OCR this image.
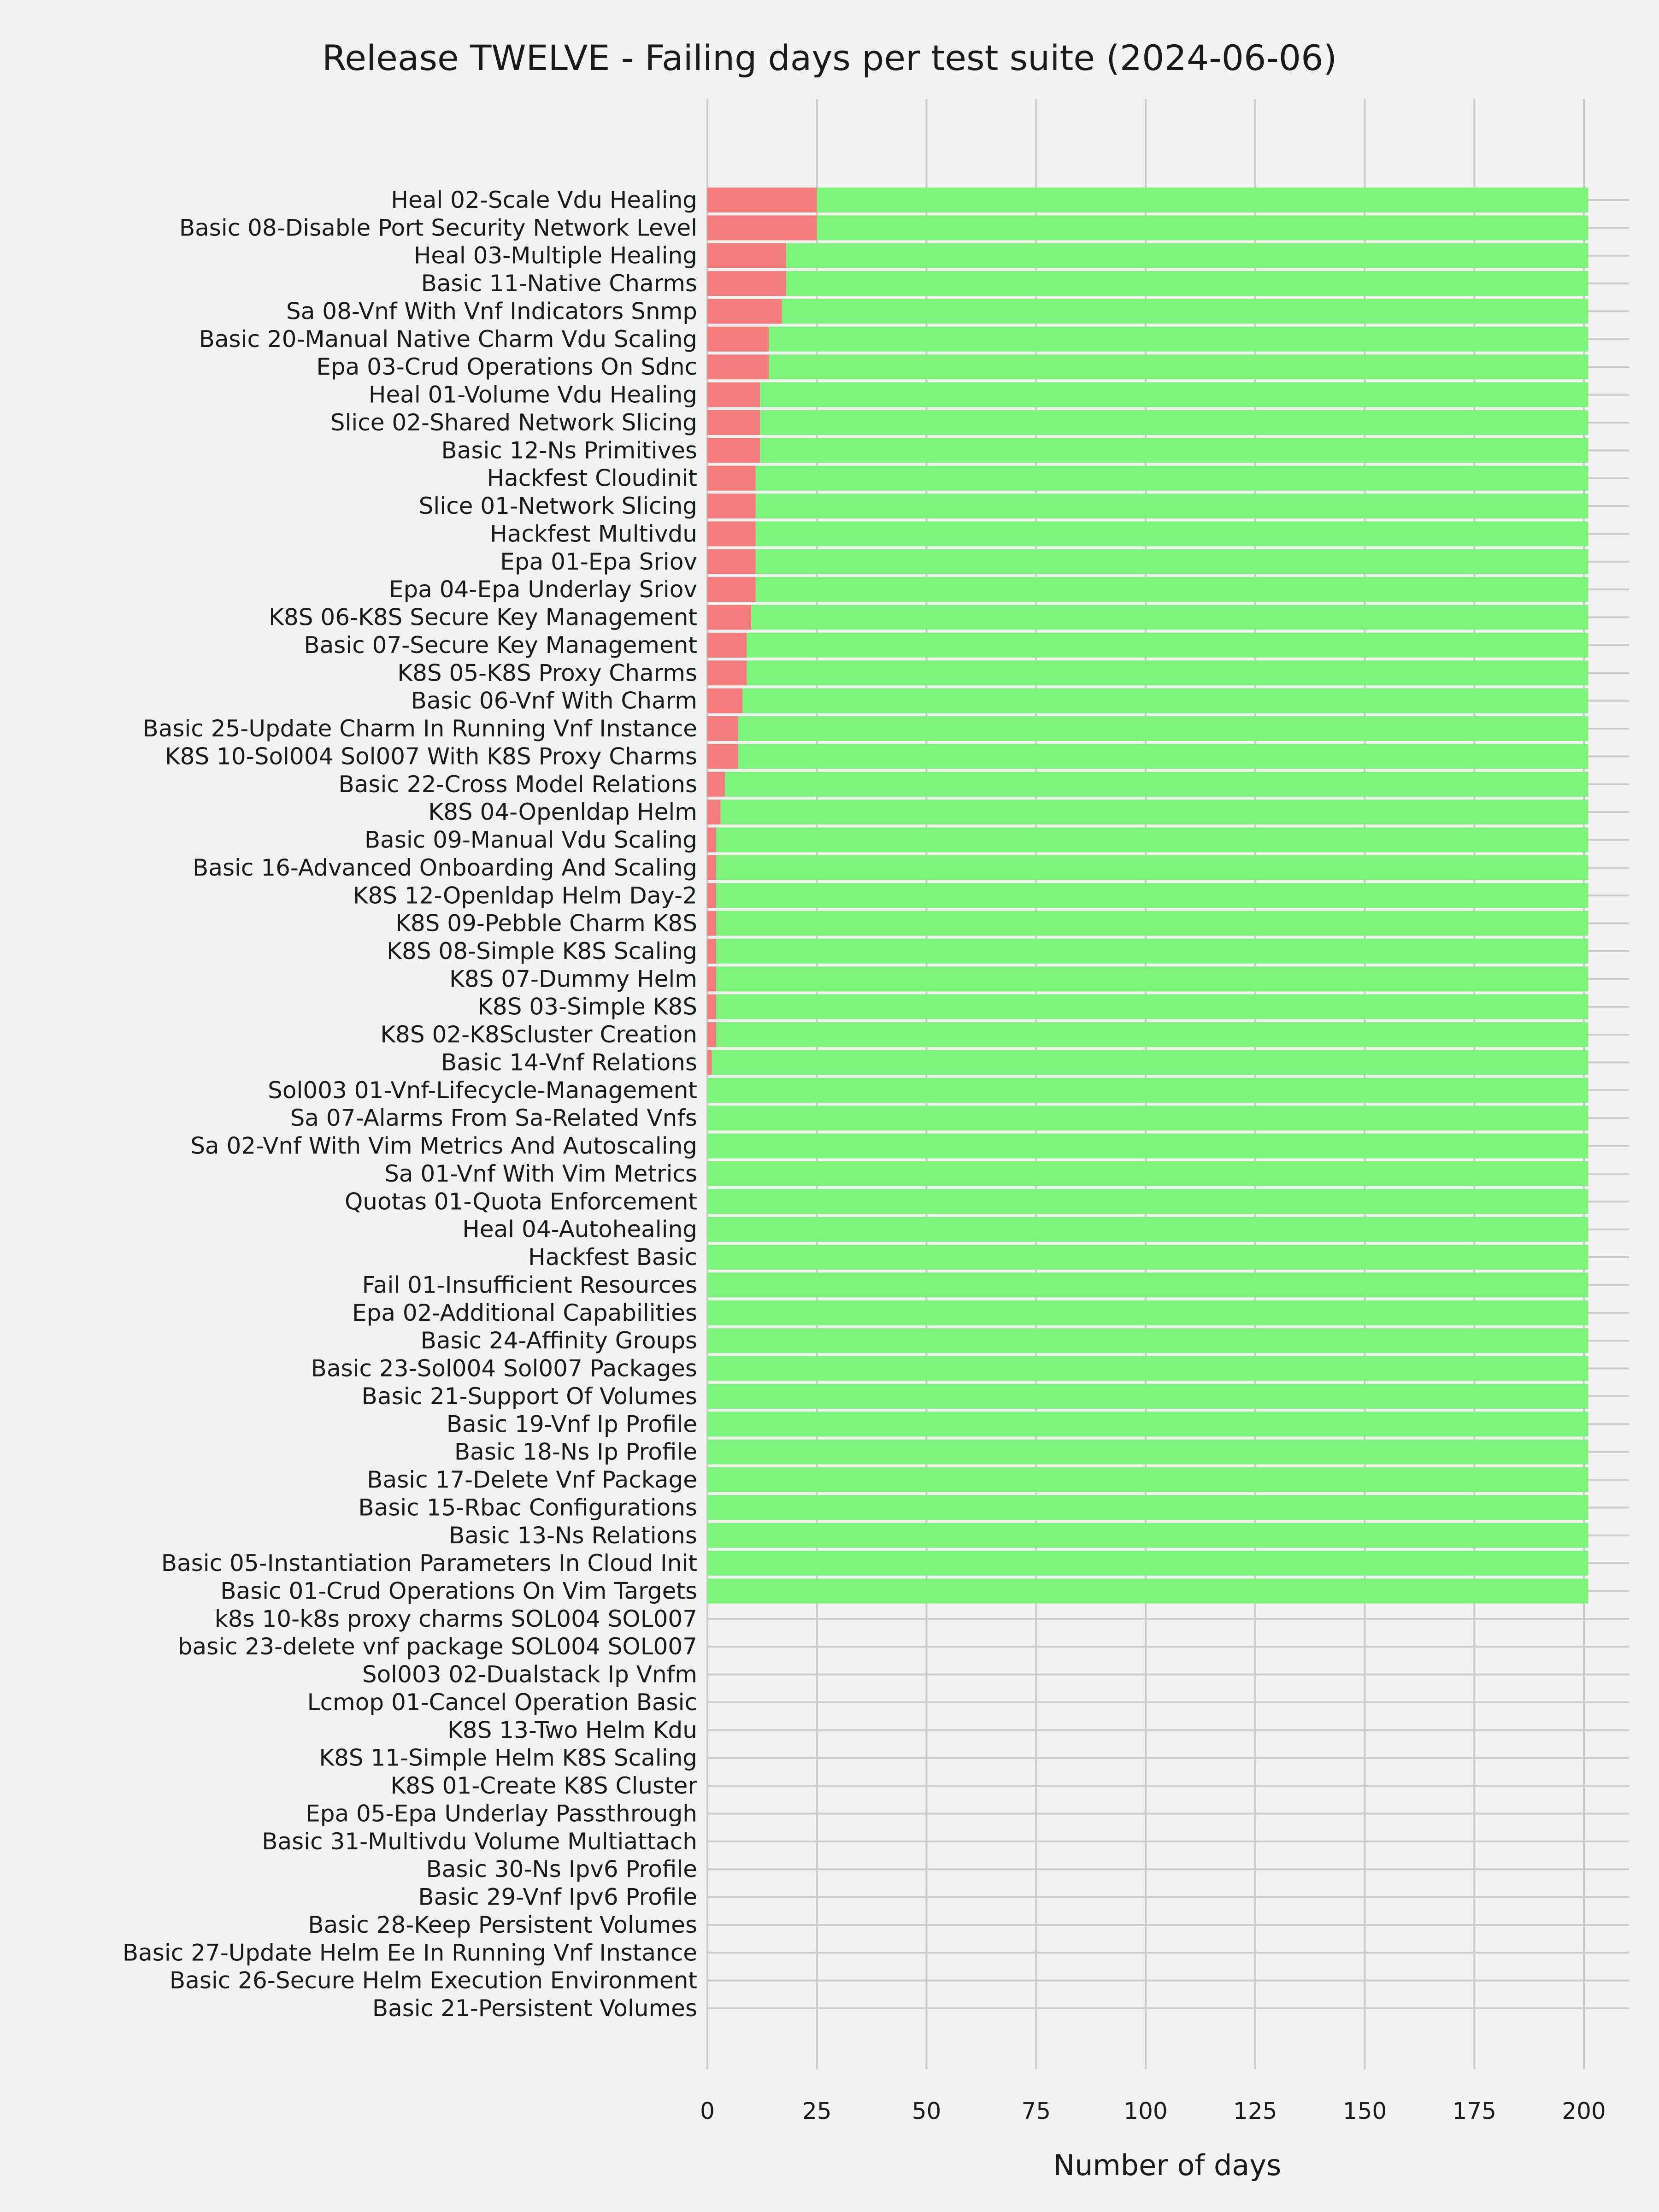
Release TWELVE - Failing days per test suite (2024-06-06)
Heal 02-Scale Vdu Healing
Basic 08-Disable Port Security Network Level
Heal 03-Multiple Healing
Basic 11-Native Charms
Sa 08-Vnf With Vnf Indicators Snmp
Basic 20-Manual Native Charm Vdu Scaling
Epa 03-Crud Operations On Sdnc
Heal 01-Volume Vdu Healing
Slice 02-Shared Network Slicing
Basic 12-Ns Primitives
Hackfest Cloudinit
Slice 01-Network Slicing
Hackfest Multivdu
Epa 01-Epa Sriov
Epa 04-Epa Underlay Sriov
K8S 06-K8S Secure Key Management
Basic 07-Secure Key Management
K8S 05-K8S Proxy Charms
Basic 06-Vnf With Charm
Basic 25-Update Charm In Running Vnf Instance
K8S 10-Sol004 Sol007 With K8S Proxy Charms
Basic 22-Cross Model Relations
K8S 04-Openldap Helm
Basic 09-Manual Vdu Scaling
Basic 16-Advanced Onboarding And Scaling
K8S 12-Openldap Helm Day-2
K8S 09-Pebble Charm K8S
K8S 08-Simple K8S Scaling
K8S 07-Dummy Helm
K8S 03-Simple K8S
K8S 02-K8Scluster Creation
Basic 14-Vnf Relations
Sol003 01-Vnf-Lifecycle-Management
Sa 07-Alarms From Sa-Related Vnfs
Sa 02-Vnf With Vim Metrics And Autoscaling
Sa 01-Vnf With Vim Metrics
Quotas 01-Quota Enforcement
Heal 04-Autohealing
Hackfest Basic
Fail 01-Insufficient Resources
Epa 02-Additional Capabilities
Basic 24-Affinity Groups
Basic 23-Sol004 Sol007 Packages
Basic 21-Support Of Volumes
Basic 19-Vnf Ip Profile
Basic 18-Ns Ip Profile
Basic 17-Delete Vnf Package
Basic 15-Rbac Configurations
Basic 13-Ns Relations
Basic 05-Instantiation Parameters In Cloud Init
Basic 01-Crud Operations On Vim Targets
k8s 10-k8s proxy charms SOL004 SOL007
basic 23-delete vnf package SOL004 SOL007
Sol003 02-Dualstack Ip Vnfm
Lcmop 01-Cancel Operation Basic
K8S 13-Two Helm Kdu
K8S 11-Simple Helm K8S Scaling
K8S 01-Create K8S Cluster
Epa 05-Epa Underlay Passthrough
Basic 31-Multivdu Volume Multiattach
Basic 30-Ns Ipv6 Profile
Basic 29-Vnf Ipv6 Profile
Basic 28-Keep Persistent Volumes
Basic 27-Update Helm Ee In Running Vnf Instance
Basic 26-Secure Helm Execution Environment
Basic 21-Persistent Volumes
0	25	50	75	100	125	150	175	200
Number of days
